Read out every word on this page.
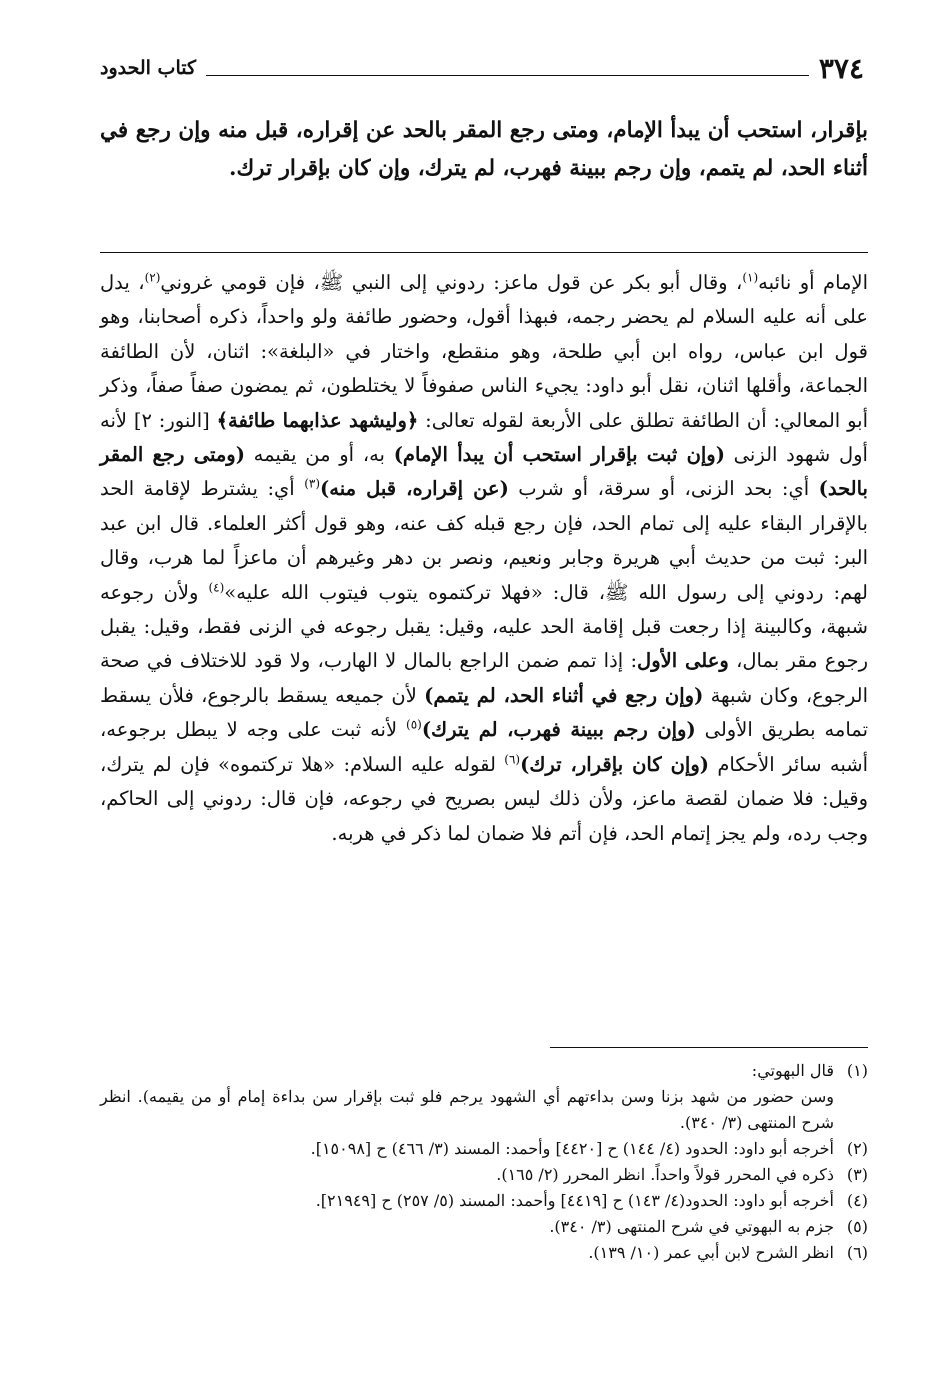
٣٧٤
كتاب الحدود
بإقرار، استحب أن يبدأ الإمام، ومتى رجع المقر بالحد عن إقراره، قبل منه وإن رجع في أثناء الحد، لم يتمم، وإن رجم ببينة فهرب، لم يترك، وإن كان بإقرار ترك.

الإمام أو نائبه$^{(١)}$، وقال أبو بكر عن قول ماعز: ردوني إلى النبي ﷺ، فإن قومي غروني$^{(٢)}$، يدل على أنه عليه السلام لم يحضر رجمه، فبهذا أقول، وحضور طائفة ولو واحداً، ذكره أصحابنا، وهو قول ابن عباس، رواه ابن أبي طلحة، وهو منقطع، واختار في «البلغة»: اثنان، لأن الطائفة الجماعة، وأقلها اثنان، نقل أبو داود: يجيء الناس صفوفاً لا يختلطون، ثم يمضون صفاً صفاً، وذكر أبو المعالي: أن الطائفة تطلق على الأربعة لقوله تعالى: ﴿وليشهد عذابهما طائفة﴾ [النور: ٢] لأنه أول شهود الزنى (وإن ثبت بإقرار استحب أن يبدأ الإمام) به، أو من يقيمه (ومتى رجع المقر بالحد) أي: بحد الزنى، أو سرقة، أو شرب (عن إقراره، قبل منه)$^{(٣)}$ أي: يشترط لإقامة الحد بالإقرار البقاء عليه إلى تمام الحد، فإن رجع قبله كف عنه، وهو قول أكثر العلماء. قال ابن عبد البر: ثبت من حديث أبي هريرة وجابر ونعيم، ونصر بن دهر وغيرهم أن ماعزاً لما هرب، وقال لهم: ردوني إلى رسول الله ﷺ، قال: «فهلا تركتموه يتوب فيتوب الله عليه»$^{(٤)}$ ولأن رجوعه شبهة، وكالبينة إذا رجعت قبل إقامة الحد عليه، وقيل: يقبل رجوعه في الزنى فقط، وقيل: يقبل رجوع مقر بمال، وعلى الأول: إذا تمم ضمن الراجع بالمال لا الهارب، ولا قود للاختلاف في صحة الرجوع، وكان شبهة (وإن رجع في أثناء الحد، لم يتمم) لأن جميعه يسقط بالرجوع، فلأن يسقط تمامه بطريق الأولى (وإن رجم ببينة فهرب، لم يترك)$^{(٥)}$ لأنه ثبت على وجه لا يبطل برجوعه، أشبه سائر الأحكام (وإن كان بإقرار، ترك)$^{(٦)}$ لقوله عليه السلام: «هلا تركتموه» فإن لم يترك، وقيل: فلا ضمان لقصة ماعز، ولأن ذلك ليس بصريح في رجوعه، فإن قال: ردوني إلى الحاكم، وجب رده، ولم يجز إتمام الحد، فإن أتم فلا ضمان لما ذكر في هربه.

(١)
قال البهوتي:
وسن حضور من شهد بزنا وسن بداءتهم أي الشهود يرجم فلو ثبت بإقرار سن بداءة إمام أو من يقيمه). انظر شرح المنتهى (٣/ ٣٤٠).
(٢)
أخرجه أبو داود: الحدود (٤/ ١٤٤) ح [٤٤٢٠] وأحمد: المسند (٣/ ٤٦٦) ح [١٥٠٩٨].
(٣)
ذكره في المحرر قولاً واحداً. انظر المحرر (٢/ ١٦٥).
(٤)
أخرجه أبو داود: الحدود(٤/ ١٤٣) ح [٤٤١٩] وأحمد: المسند (٥/ ٢٥٧) ح [٢١٩٤٩].
(٥)
جزم به البهوتي في شرح المنتهى (٣/ ٣٤٠).
(٦)
انظر الشرح لابن أبي عمر (١٠/ ١٣٩).
